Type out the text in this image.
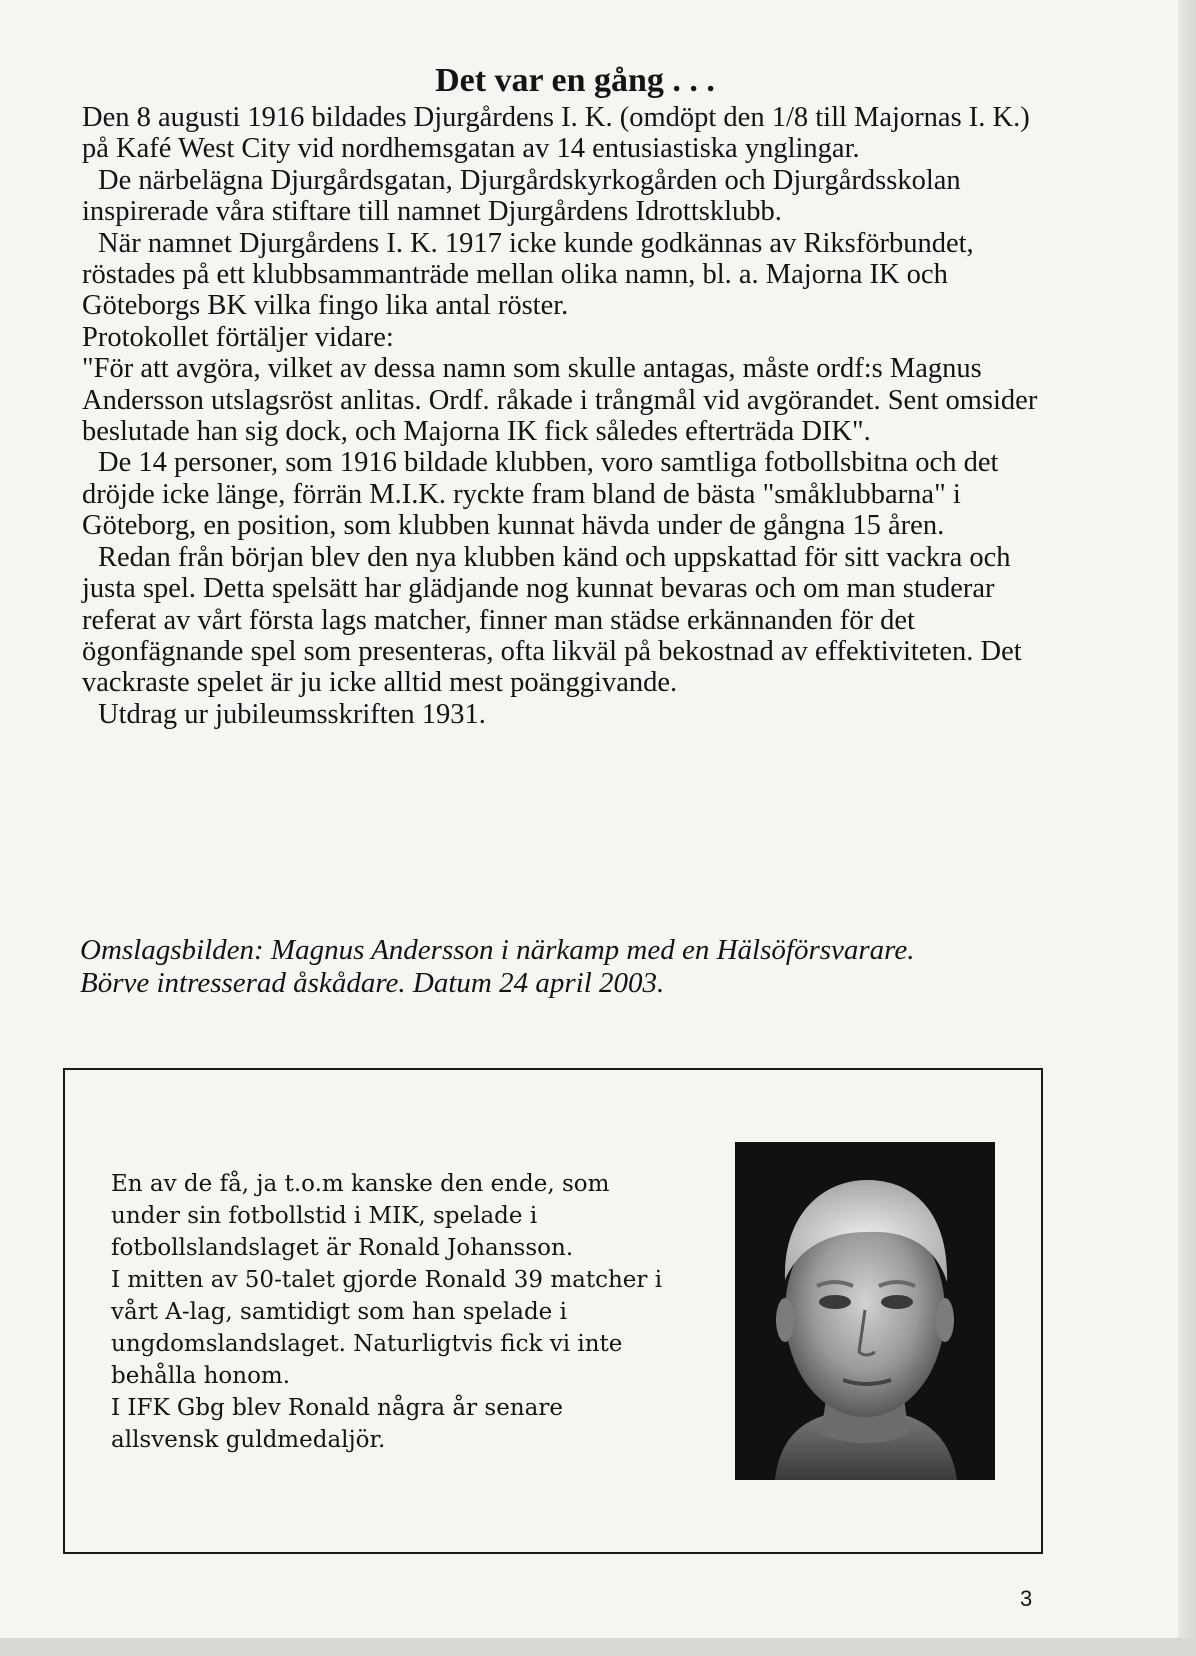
Det var en gång . . .

Den 8 augusti 1916 bildades Djurgårdens I. K. (omdöpt den 1/8 till Majornas I. K.) på Kafé West City vid nordhemsgatan av 14 entusiastiska ynglingar.

De närbelägna Djurgårdsgatan, Djurgårdskyrkogården och Djurgårdsskolan inspirerade våra stiftare till namnet Djurgårdens Idrottsklubb.

När namnet Djurgårdens I. K. 1917 icke kunde godkännas av Riksförbundet, röstades på ett klubbsammanträde mellan olika namn, bl. a. Majorna IK och Göteborgs BK vilka fingo lika antal röster.

Protokollet förtäljer vidare:

"För att avgöra, vilket av dessa namn som skulle antagas, måste ordf:s Magnus Andersson utslagsröst anlitas. Ordf. råkade i trångmål vid avgörandet. Sent omsider beslutade han sig dock, och Majorna IK fick således efterträda DIK".

De 14 personer, som 1916 bildade klubben, voro samtliga fotbollsbitna och det dröjde icke länge, förrän M.I.K. ryckte fram bland de bästa "småklubbarna" i Göteborg, en position, som klubben kunnat hävda under de gångna 15 åren.

Redan från början blev den nya klubben känd och uppskattad för sitt vackra och justa spel. Detta spelsätt har glädjande nog kunnat bevaras och om man studerar referat av vårt första lags matcher, finner man städse erkännanden för det ögonfägnande spel som presenteras, ofta likväl på bekostnad av effektiviteten. Det vackraste spelet är ju icke alltid mest poänggivande.

Utdrag ur jubileumsskriften 1931.

Omslagsbilden: Magnus Andersson i närkamp med en Hälsöförsvarare.

Börve intresserad åskådare. Datum 24 april 2003.

En av de få, ja t.o.m kanske den ende, som under sin fotbollstid i MIK, spelade i fotbollslandslaget är Ronald Johansson.

I mitten av 50-talet gjorde Ronald 39 matcher i vårt A-lag, samtidigt som han spelade i ungdomslandslaget. Naturligtvis fick vi inte behålla honom.

I IFK Gbg blev Ronald några år senare allsvensk guldmedaljör.

3
